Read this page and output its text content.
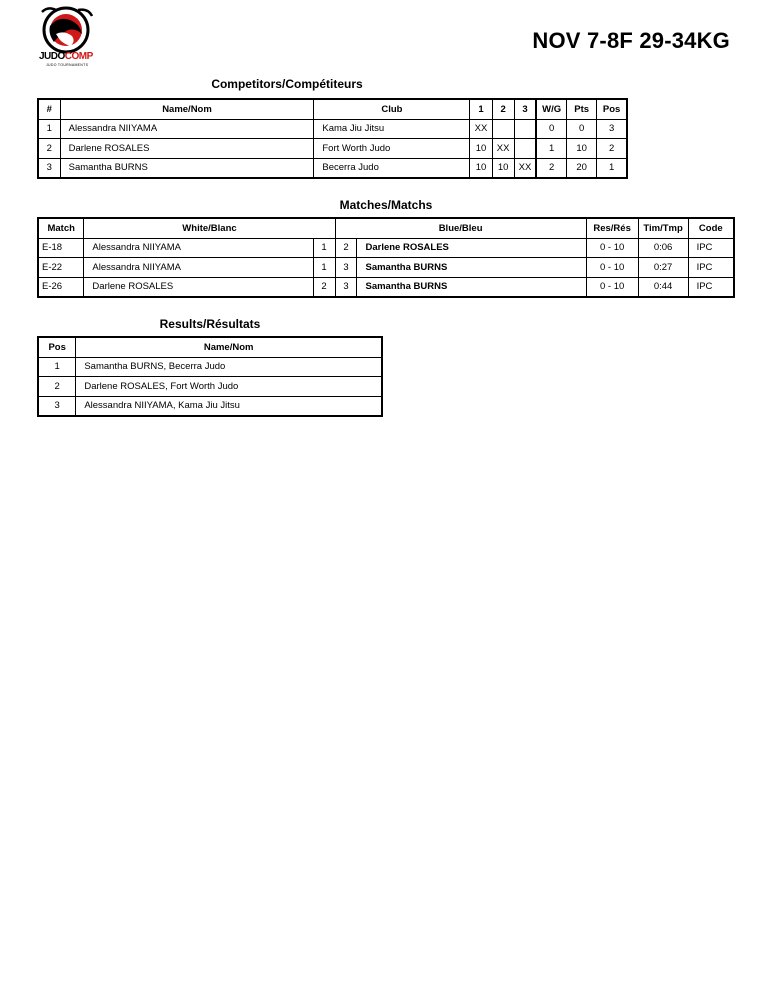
JUDOCOMP
JUDO TOURNAMENTS
NOV 7-8F 29-34KG
Competitors/Compétiteurs
#	Name/Nom	Club	1	2	3	W/G	Pts	Pos
1	Alessandra NIIYAMA	Kama Jiu Jitsu	XX			0	0	3
2	Darlene ROSALES	Fort Worth Judo	10	XX		1	10	2
3	Samantha BURNS	Becerra Judo	10	10	XX	2	20	1
Matches/Matchs
Match	White/Blanc		Blue/Bleu		Res/Rés	Tim/Tmp	Code
E-18	Alessandra NIIYAMA	1	2	Darlene ROSALES	0 - 10	0:06	IPC
E-22	Alessandra NIIYAMA	1	3	Samantha BURNS	0 - 10	0:27	IPC
E-26	Darlene ROSALES	2	3	Samantha BURNS	0 - 10	0:44	IPC
Results/Résultats
Pos	Name/Nom
1	Samantha BURNS, Becerra Judo
2	Darlene ROSALES, Fort Worth Judo
3	Alessandra NIIYAMA, Kama Jiu Jitsu
